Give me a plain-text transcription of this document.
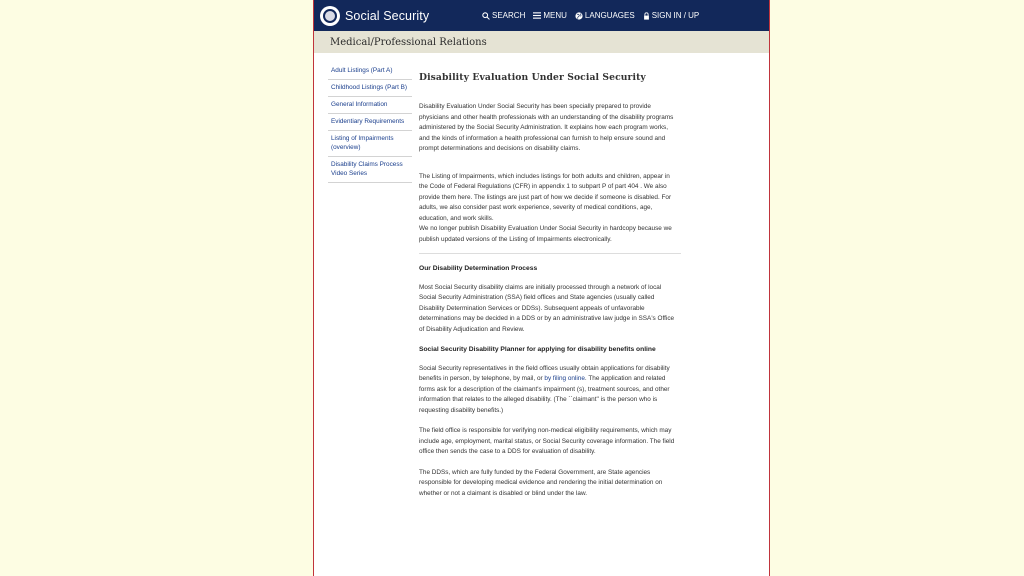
Social Security	SEARCH MENU LANGUAGES SIGN IN / UP
Medical/Professional Relations
Adult Listings (Part A)
Childhood Listings (Part B)
General Information
Evidentiary Requirements
Listing of Impairments (overview)
Disability Claims Process Video Series
Disability Evaluation Under Social Security

Disability Evaluation Under Social Security has been specially prepared to provide physicians and other health professionals with an understanding of the disability programs administered by the Social Security Administration. It explains how each program works, and the kinds of information a health professional can furnish to help ensure sound and prompt determinations and decisions on disability claims.

The Listing of Impairments, which includes listings for both adults and children, appear in the Code of Federal Regulations (CFR) in appendix 1 to subpart P of part 404 . We also provide them here. The listings are just part of how we decide if someone is disabled. For adults, we also consider past work experience, severity of medical conditions, age, education, and work skills.

We no longer publish Disability Evaluation Under Social Security in hardcopy because we publish updated versions of the Listing of Impairments electronically.

Our Disability Determination Process

Most Social Security disability claims are initially processed through a network of local Social Security Administration (SSA) field offices and State agencies (usually called Disability Determination Services or DDSs). Subsequent appeals of unfavorable determinations may be decided in a DDS or by an administrative law judge in SSA's Office of Disability Adjudication and Review.

Social Security Disability Planner for applying for disability benefits online

Social Security representatives in the field offices usually obtain applications for disability benefits in person, by telephone, by mail, or by filing online. The application and related forms ask for a description of the claimant's impairment (s), treatment sources, and other information that relates to the alleged disability. (The ``claimant'' is the person who is requesting disability benefits.)

The field office is responsible for verifying non-medical eligibility requirements, which may include age, employment, marital status, or Social Security coverage information. The field office then sends the case to a DDS for evaluation of disability.

The DDSs, which are fully funded by the Federal Government, are State agencies responsible for developing medical evidence and rendering the initial determination on whether or not a claimant is disabled or blind under the law.
